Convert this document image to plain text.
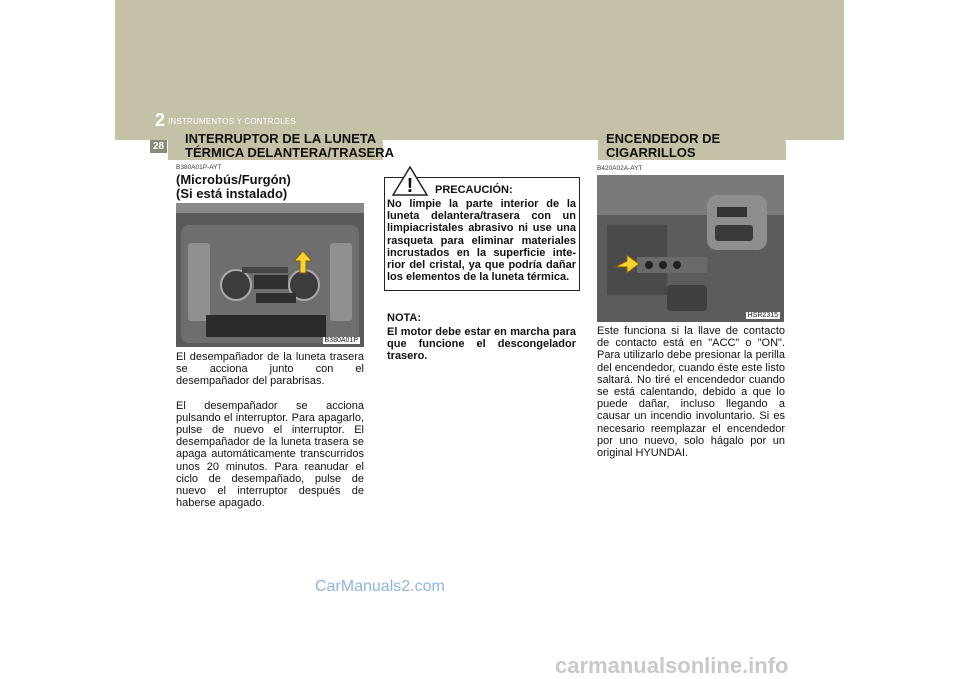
2 INSTRUMENTOS Y CONTROLES
28
INTERRUPTOR DE LA LUNETA
TÉRMICA DELANTERA/TRASERA
B380A01P-AYT
(Microbús/Furgón)
(Si está instalado)
B380A01P
El desempañador de la luneta trasera se acciona junto con el desempañador del parabrisas.
El desempañador se acciona pulsando el interruptor. Para apagarlo, pulse de nuevo el interruptor. El desempañador de la luneta trasera se apaga automáticamente transcurridos unos 20 minutos. Para reanudar el ciclo de desempañado, pulse de nuevo el interruptor después de haberse apagado.
! PRECAUCIÓN:
No limpie la parte interior de la luneta delantera/trasera con un limpiacristales abrasivo ni use una rasqueta para eliminar materiales incrustados en la superficie inte- rior del cristal, ya que podría dañar los elementos de la luneta térmica.
NOTA:
El motor debe estar en marcha para que funcione el descongelador trasero.
ENCENDEDOR DE
CIGARRILLOS
B420A02A-AYT
HSR2315
Este funciona si la llave de contacto de contacto está en "ACC" o "ON". Para utilizarlo debe presionar la perilla del encendedor, cuando éste este listo saltará. No tiré el encendedor cuando se está calentando, debido a que lo puede dañar, incluso llegando a causar un incendio involuntario. Si es necesario reemplazar el encendedor por uno nuevo, solo hágalo por un original HYUNDAI.
CarManuals2.com
carmanualsonline.info
